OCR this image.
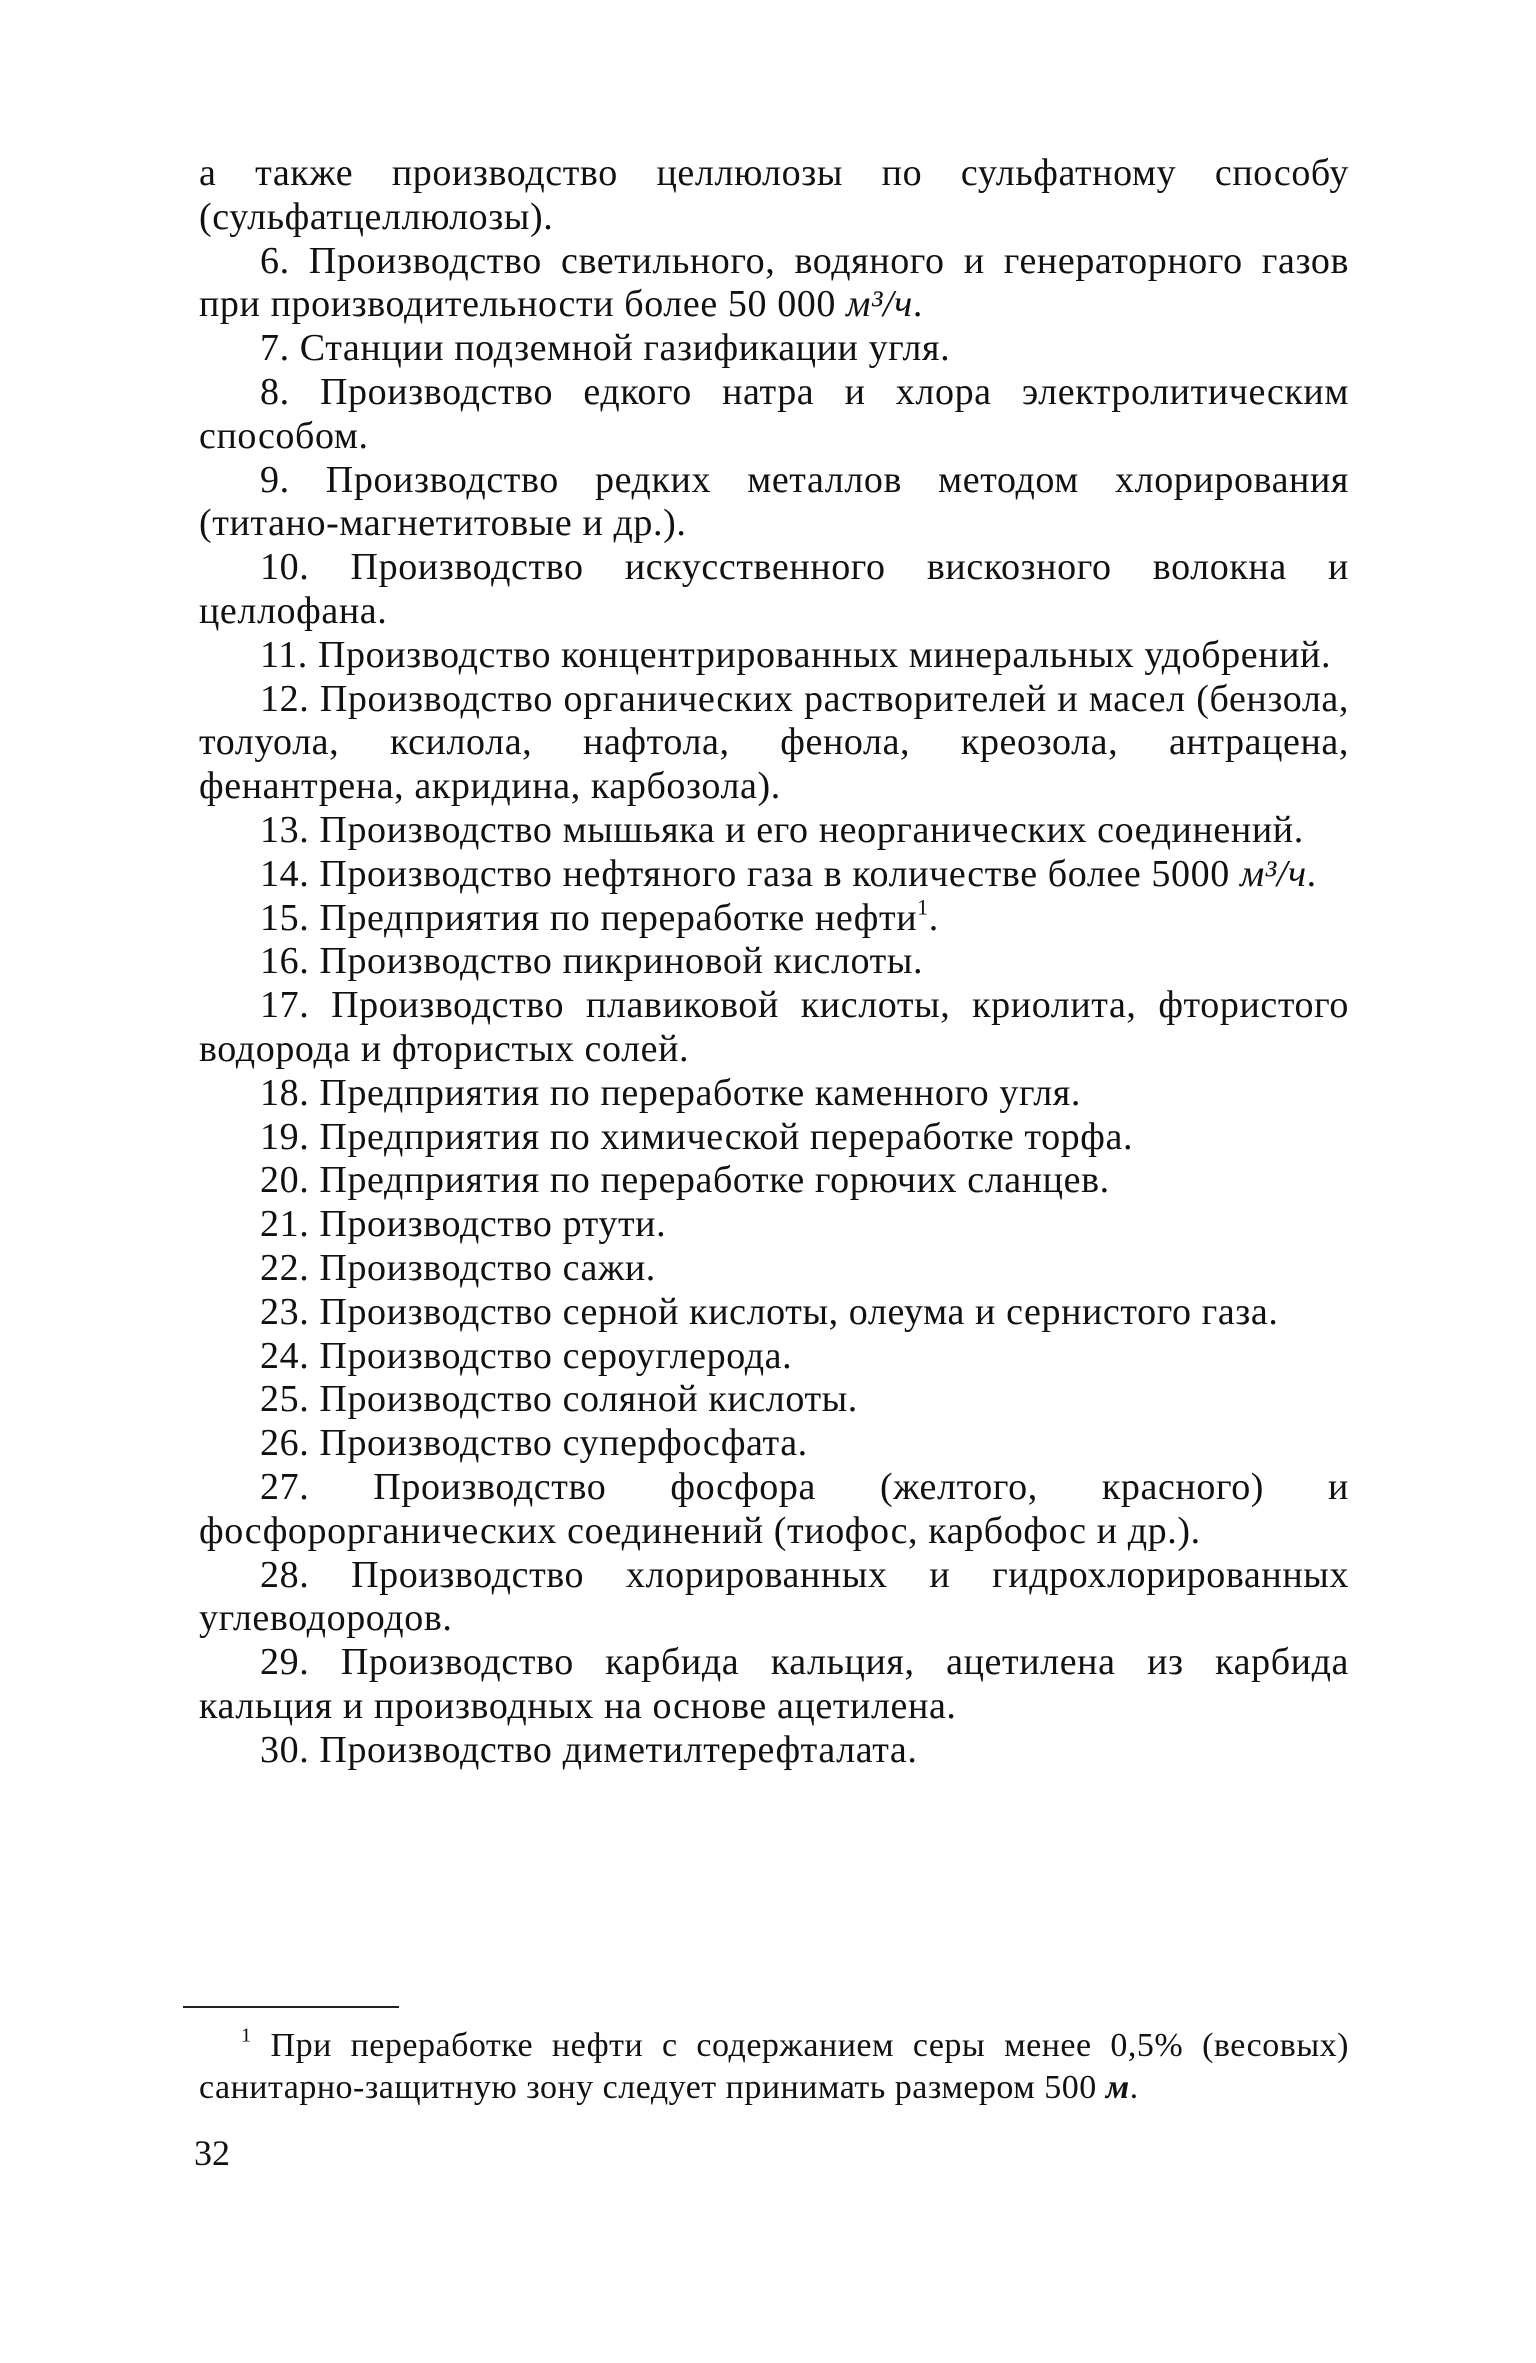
а также производство целлюлозы по сульфатному способу (сульфатцеллюлозы).

6. Производство светильного, водяного и генераторного газов при производительности более 50 000 м³/ч.

7. Станции подземной газификации угля.

8. Производство едкого натра и хлора электролитическим способом.

9. Производство редких металлов методом хлорирования (титано-магнетитовые и др.).

10. Производство искусственного вискозного волокна и целлофана.

11. Производство концентрированных минеральных удобрений.

12. Производство органических растворителей и масел (бензола, толуола, ксилола, нафтола, фенола, креозола, антрацена, фенантрена, акридина, карбозола).

13. Производство мышьяка и его неорганических соединений.

14. Производство нефтяного газа в количестве более 5000 м³/ч.

15. Предприятия по переработке нефти$^1$.

16. Производство пикриновой кислоты.

17. Производство плавиковой кислоты, криолита, фтористого водорода и фтористых солей.

18. Предприятия по переработке каменного угля.

19. Предприятия по химической переработке торфа.

20. Предприятия по переработке горючих сланцев.

21. Производство ртути.

22. Производство сажи.

23. Производство серной кислоты, олеума и сернистого газа.

24. Производство сероуглерода.

25. Производство соляной кислоты.

26. Производство суперфосфата.

27. Производство фосфора (желтого, красного) и фосфорорганических соединений (тиофос, карбофос и др.).

28. Производство хлорированных и гидрохлорированных углеводородов.

29. Производство карбида кальция, ацетилена из карбида кальция и производных на основе ацетилена.

30. Производство диметилтерефталата.

$^1$ При переработке нефти с содержанием серы менее 0,5% (весовых) санитарно-защитную зону следует принимать размером 500 м.
32
